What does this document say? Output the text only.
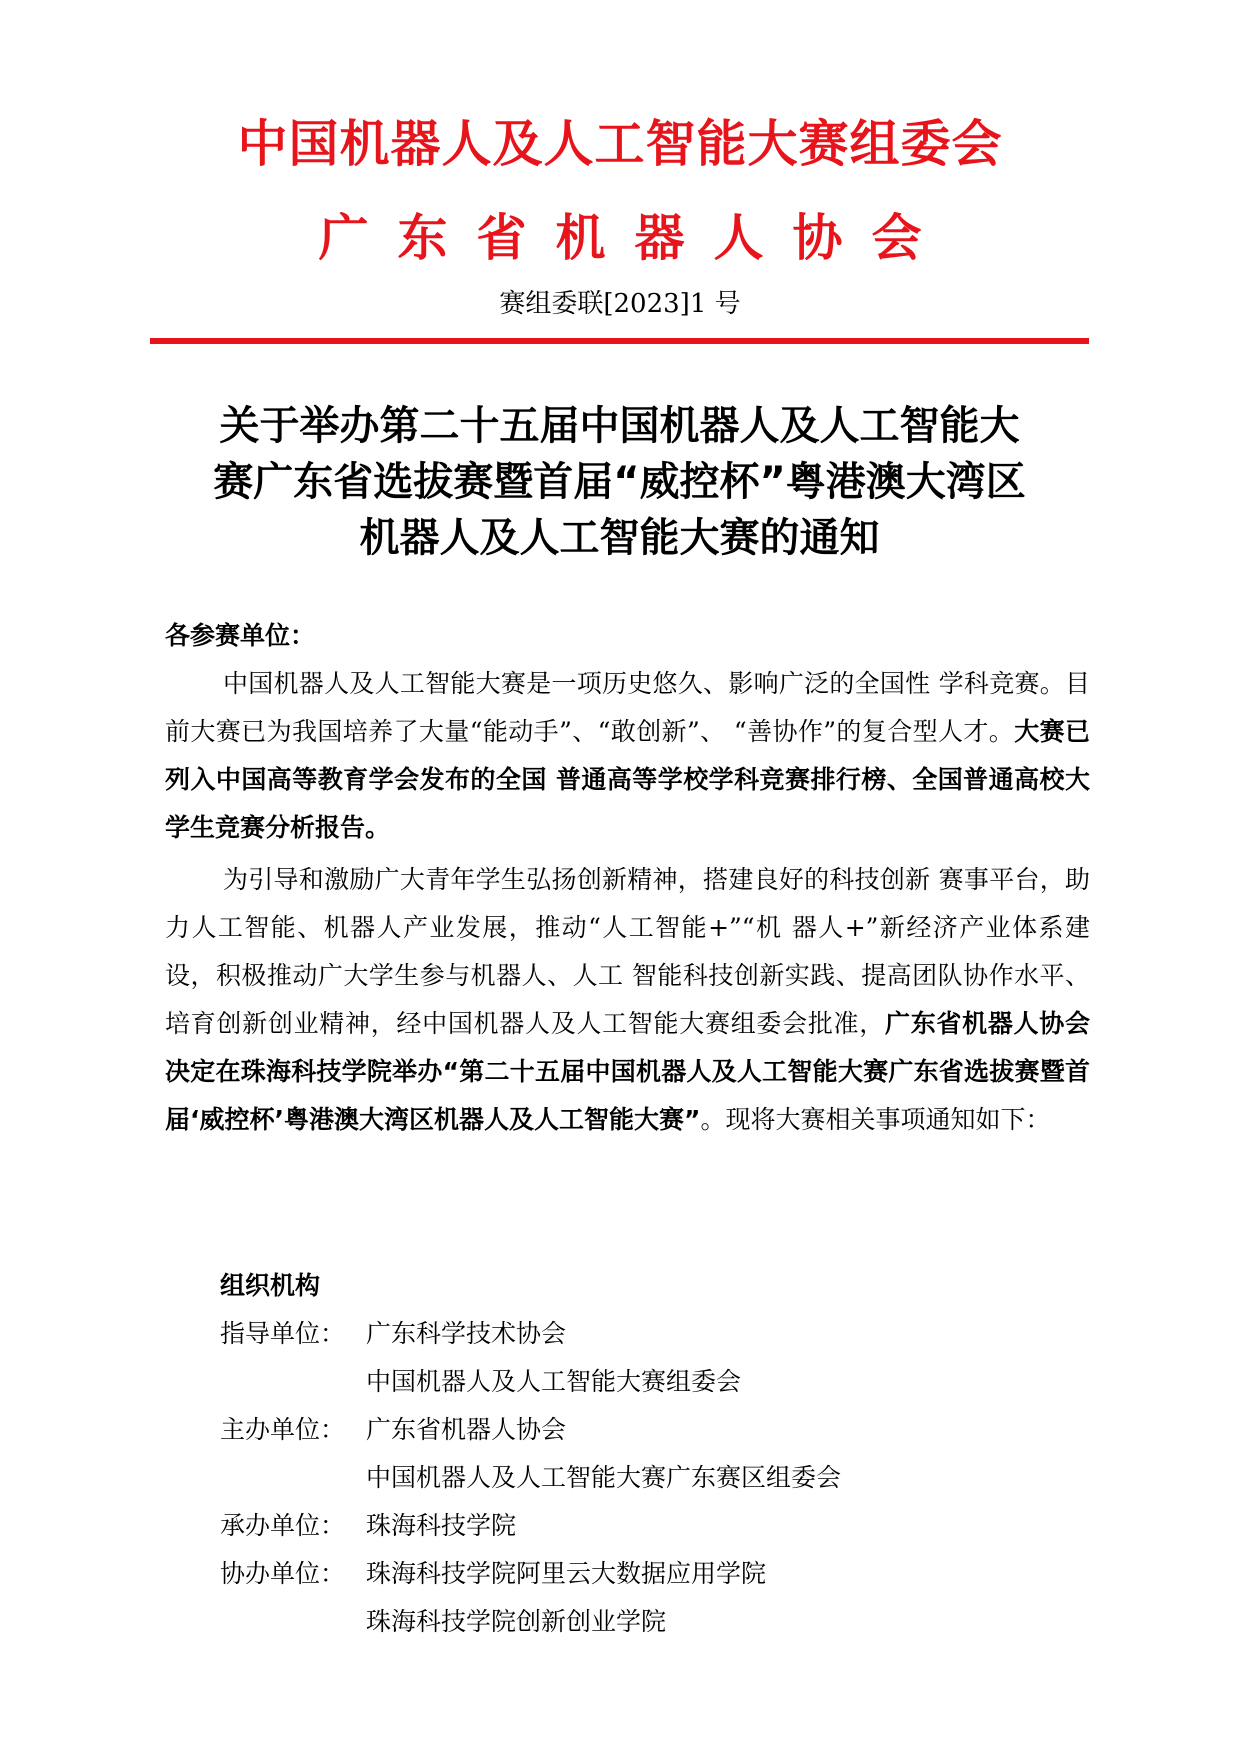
中国机器人及人工智能大赛组委会
广东省机器人协会
赛组委联[2023]1 号
关于举办第二十五届中国机器人及人工智能大
赛广东省选拔赛暨首届“威控杯”粤港澳大湾区
机器人及人工智能大赛的通知
各参赛单位：
中国机器人及人工智能大赛是一项历史悠久、影响广泛的全国性 学科竞赛。目前大赛已为我国培养了大量“能动手”、“敢创新”、 “善协作”的复合型人才。大赛已列入中国高等教育学会发布的全国 普通高等学校学科竞赛排行榜、全国普通高校大学生竞赛分析报告。
为引导和激励广大青年学生弘扬创新精神，搭建良好的科技创新 赛事平台，助力人工智能、机器人产业发展，推动“人工智能+”“机 器人+”新经济产业体系建设，积极推动广大学生参与机器人、人工 智能科技创新实践、提高团队协作水平、培育创新创业精神，经中国机器人及人工智能大赛组委会批准，广东省机器人协会决定在珠海科技学院举办“第二十五届中国机器人及人工智能大赛广东省选拔赛暨首届‘威控杯’粤港澳大湾区机器人及人工智能大赛”。现将大赛相关事项通知如下：
组织机构
指导单位： 广东科学技术协会
中国机器人及人工智能大赛组委会
主办单位： 广东省机器人协会
中国机器人及人工智能大赛广东赛区组委会
承办单位： 珠海科技学院
协办单位： 珠海科技学院阿里云大数据应用学院
珠海科技学院创新创业学院
